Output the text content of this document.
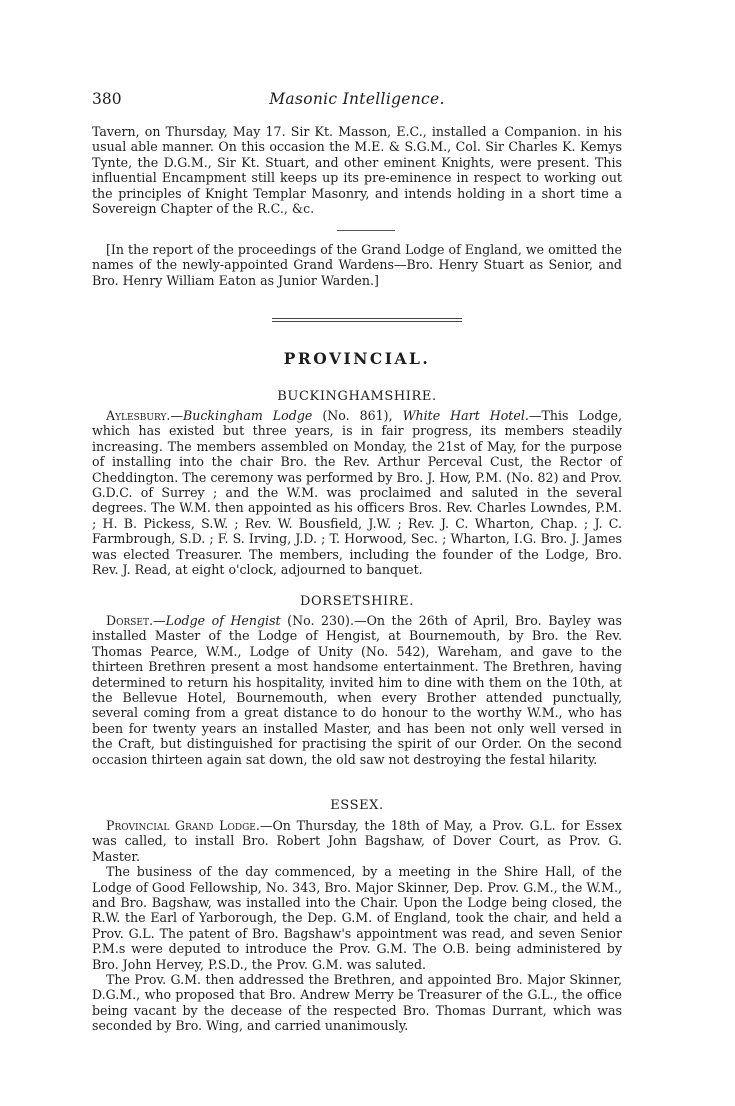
380	Masonic Intelligence.

Tavern, on Thursday, May 17. Sir Kt. Masson, E.C., installed a Companion. in his usual able manner. On this occasion the M.E. & S.G.M., Col. Sir Charles K. Kemys Tynte, the D.G.M., Sir Kt. Stuart, and other eminent Knights, were present. This influential Encampment still keeps up its pre-eminence in respect to working out the principles of Knight Templar Masonry, and intends holding in a short time a Sovereign Chapter of the R.C., &c.

[In the report of the proceedings of the Grand Lodge of England, we omitted the names of the newly-appointed Grand Wardens—Bro. Henry Stuart as Senior, and Bro. Henry William Eaton as Junior Warden.]

PROVINCIAL.
BUCKINGHAMSHIRE.

Aylesbury.—Buckingham Lodge (No. 861), White Hart Hotel.—This Lodge, which has existed but three years, is in fair progress, its members steadily increasing. The members assembled on Monday, the 21st of May, for the purpose of installing into the chair Bro. the Rev. Arthur Perceval Cust, the Rector of Cheddington. The ceremony was performed by Bro. J. How, P.M. (No. 82) and Prov. G.D.C. of Surrey ; and the W.M. was proclaimed and saluted in the several degrees. The W.M. then appointed as his officers Bros. Rev. Charles Lowndes, P.M. ; H. B. Pickess, S.W. ; Rev. W. Bousfield, J.W. ; Rev. J. C. Wharton, Chap. ; J. C. Farmbrough, S.D. ; F. S. Irving, J.D. ; T. Horwood, Sec. ; Wharton, I.G. Bro. J. James was elected Treasurer. The members, including the founder of the Lodge, Bro. Rev. J. Read, at eight o'clock, adjourned to banquet.

DORSETSHIRE.

Dorset.—Lodge of Hengist (No. 230).—On the 26th of April, Bro. Bayley was installed Master of the Lodge of Hengist, at Bournemouth, by Bro. the Rev. Thomas Pearce, W.M., Lodge of Unity (No. 542), Wareham, and gave to the thirteen Brethren present a most handsome entertainment. The Brethren, having determined to return his hospitality, invited him to dine with them on the 10th, at the Bellevue Hotel, Bournemouth, when every Brother attended punctually, several coming from a great distance to do honour to the worthy W.M., who has been for twenty years an installed Master, and has been not only well versed in the Craft, but distinguished for practising the spirit of our Order. On the second occasion thirteen again sat down, the old saw not destroying the festal hilarity.

ESSEX.

Provincial Grand Lodge.—On Thursday, the 18th of May, a Prov. G.L. for Essex was called, to install Bro. Robert John Bagshaw, of Dover Court, as Prov. G. Master.

The business of the day commenced, by a meeting in the Shire Hall, of the Lodge of Good Fellowship, No. 343, Bro. Major Skinner, Dep. Prov. G.M., the W.M., and Bro. Bagshaw, was installed into the Chair. Upon the Lodge being closed, the R.W. the Earl of Yarborough, the Dep. G.M. of England, took the chair, and held a Prov. G.L. The patent of Bro. Bagshaw's appointment was read, and seven Senior P.M.s were deputed to introduce the Prov. G.M. The O.B. being administered by Bro. John Hervey, P.S.D., the Prov. G.M. was saluted.

The Prov. G.M. then addressed the Brethren, and appointed Bro. Major Skinner, D.G.M., who proposed that Bro. Andrew Merry be Treasurer of the G.L., the office being vacant by the decease of the respected Bro. Thomas Durrant, which was seconded by Bro. Wing, and carried unanimously.
